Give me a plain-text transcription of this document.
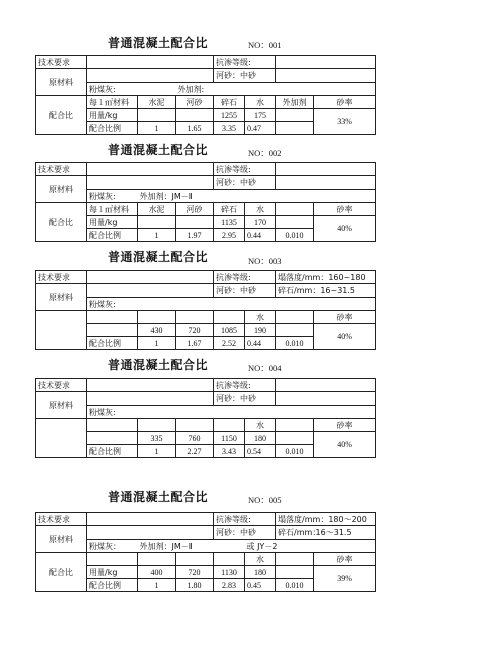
普通混凝土配合比	NO：001
技术要求				抗渗等级:			
原材料				河砂：中砂			
	粉煤灰:		外加剂:				
配合比	每１㎡材料	水泥	河砂	碎石	水	外加剂	砂率
	用量/kg			1255	175		33%
	配合比例	1	1.65	3.35	0.47		
普通混凝土配合比	NO：002
技术要求				抗渗等级:			
原材料				河砂：中砂			
	粉煤灰:	外加剂：JM－Ⅱ					
配合比	每１㎡材料	水泥	河砂	碎石	水		砂率
	用量/kg			1135	170		40%
	配合比例	1	1.97	2.95	0.44	0.010	
普通混凝土配合比	NO：003
技术要求				抗渗等级:		塌落度/mm：160~180	
原材料				河砂：中砂		碎石/mm：16~31.5	
	粉煤灰:						
					水		砂率
		430	720	1085	190		40%
	配合比例	1	1.67	2.52	0.44	0.010	
普通混凝土配合比	NO：004
技术要求				抗渗等级:			
原材料				河砂：中砂			
	粉煤灰:						
					水		砂率
		335	760	1150	180		40%
	配合比例	1	2.27	3.43	0.54	0.010	
普通混凝土配合比	NO：005
技术要求				抗渗等级:		塌落度/mm：180～200	
原材料				河砂：中砂		碎石/mm：	16～31.5
	粉煤灰：	外加剂：JM－Ⅱ			或 JY－2		
配合比					水		砂率
	用量/kg	400	720	1130	180		39%
	配合比例	1	1.80	2.83	0.45	0.010	
